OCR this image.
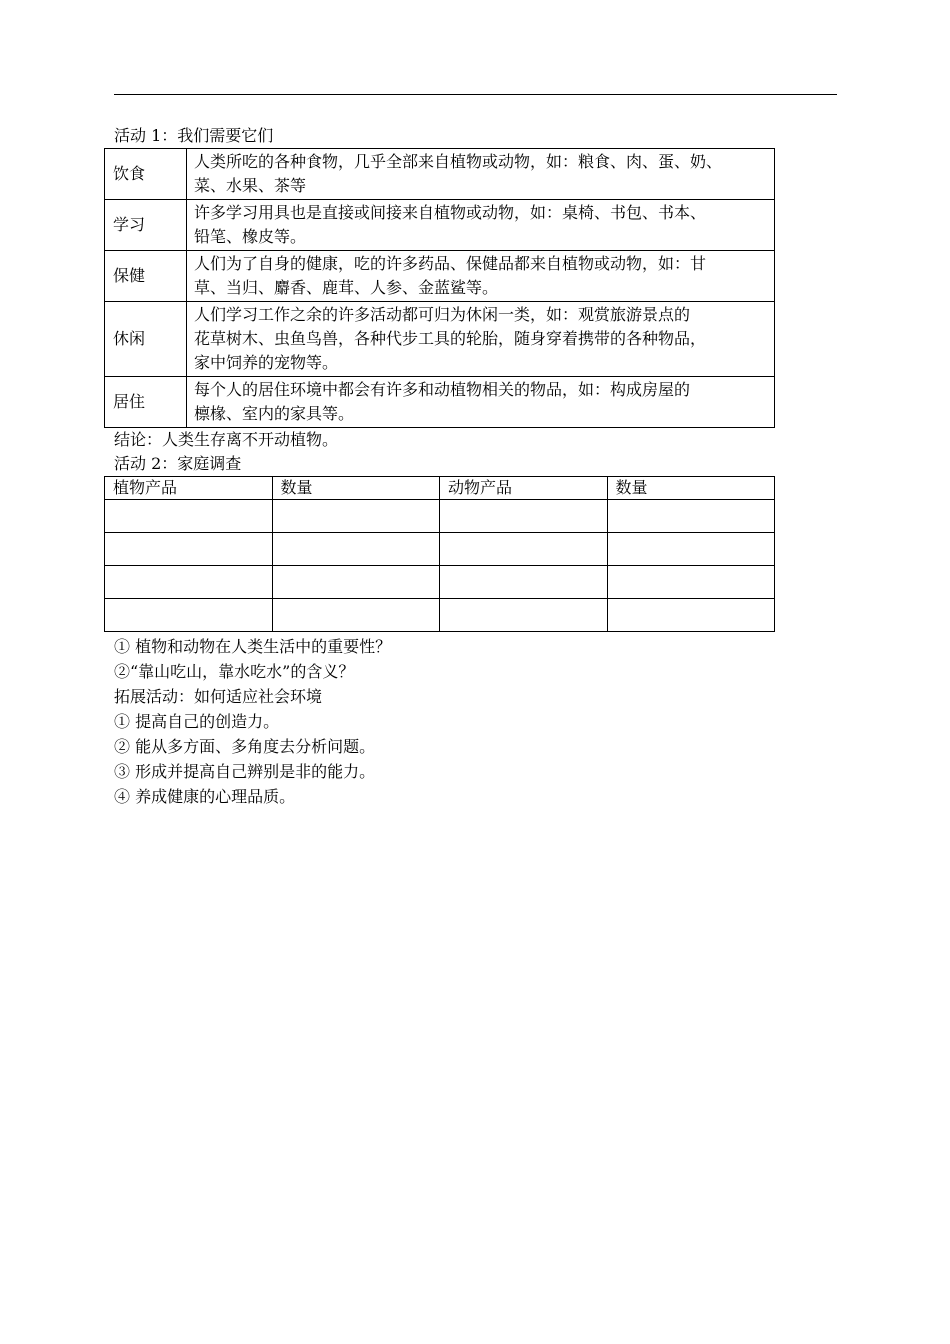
活动 1：我们需要它们
饮食	人类所吃的各种食物，几乎全部来自植物或动物，如：粮食、肉、蛋、奶、
菜、水果、茶等

学习	许多学习用具也是直接或间接来自植物或动物，如：桌椅、书包、书本、
铅笔、橡皮等。

保健	人们为了自身的健康，吃的许多药品、保健品都来自植物或动物，如：甘
草、当归、麝香、鹿茸、人参、金蓝鲨等。

休闲	人们学习工作之余的许多活动都可归为休闲一类，如：观赏旅游景点的
花草树木、虫鱼鸟兽，各种代步工具的轮胎，随身穿着携带的各种物品，
家中饲养的宠物等。

居住	每个人的居住环境中都会有许多和动植物相关的物品，如：构成房屋的
檩椽、室内的家具等。
结论：人类生存离不开动植物。
活动 2：家庭调查
植物产品	数量	动物产品	数量

① 植物和动物在人类生活中的重要性？
②“靠山吃山，靠水吃水”的含义？
拓展活动：如何适应社会环境
① 提高自己的创造力。
② 能从多方面、多角度去分析问题。
③ 形成并提高自己辨别是非的能力。
④ 养成健康的心理品质。
